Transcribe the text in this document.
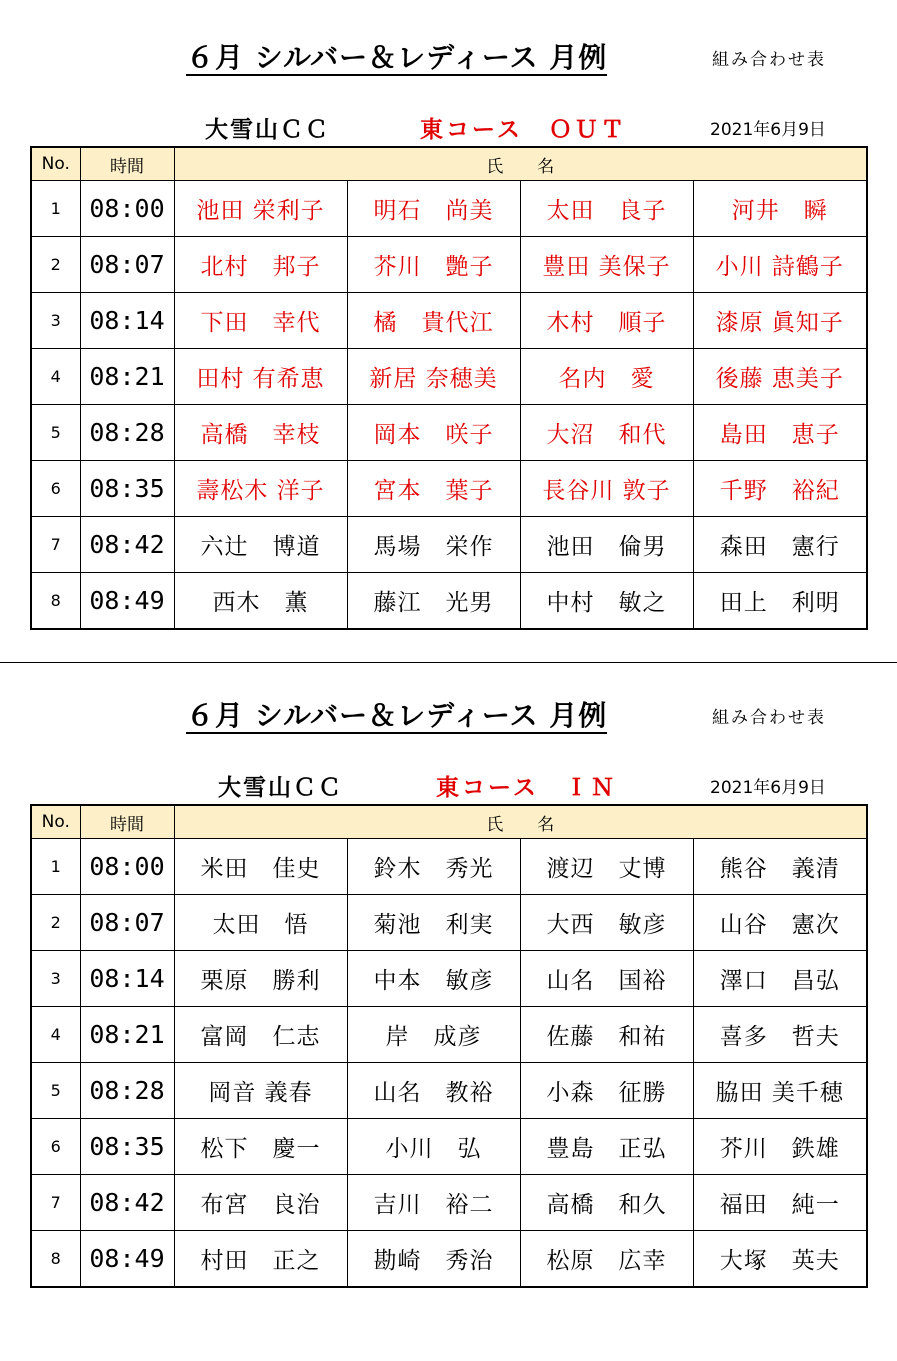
６月 シルバー＆レディース 月例	組み合わせ表
大雪山ＣＣ	東コース　ＯＵＴ	2021年6月9日
No.	時間	氏　　名			
1	08:00	池田 栄利子	明石　尚美	太田　良子	河井　瞬
2	08:07	北村　邦子	芥川　艶子	豊田 美保子	小川 詩鶴子
3	08:14	下田　幸代	橘　貴代江	木村　順子	漆原 眞知子
4	08:21	田村 有希恵	新居 奈穂美	名内　愛	後藤 恵美子
5	08:28	高橋　幸枝	岡本　咲子	大沼　和代	島田　恵子
6	08:35	壽松木 洋子	宮本　葉子	長谷川 敦子	千野　裕紀
7	08:42	六辻　博道	馬場　栄作	池田　倫男	森田　憲行
8	08:49	西木　薫	藤江　光男	中村　敏之	田上　利明
６月 シルバー＆レディース 月例	組み合わせ表
大雪山ＣＣ	東コース　ＩＮ	2021年6月9日
No.	時間	氏　　名			
1	08:00	米田　佳史	鈴木　秀光	渡辺　丈博	熊谷　義清
2	08:07	太田　悟	菊池　利実	大西　敏彦	山谷　憲次
3	08:14	栗原　勝利	中本　敏彦	山名　国裕	澤口　昌弘
4	08:21	富岡　仁志	岸　成彦	佐藤　和祐	喜多　哲夫
5	08:28	岡音 義春	山名　教裕	小森　征勝	脇田 美千穂
6	08:35	松下　慶一	小川　弘	豊島　正弘	芥川　鉄雄
7	08:42	布宮　良治	吉川　裕二	高橋　和久	福田　純一
8	08:49	村田　正之	勘崎　秀治	松原　広幸	大塚　英夫
